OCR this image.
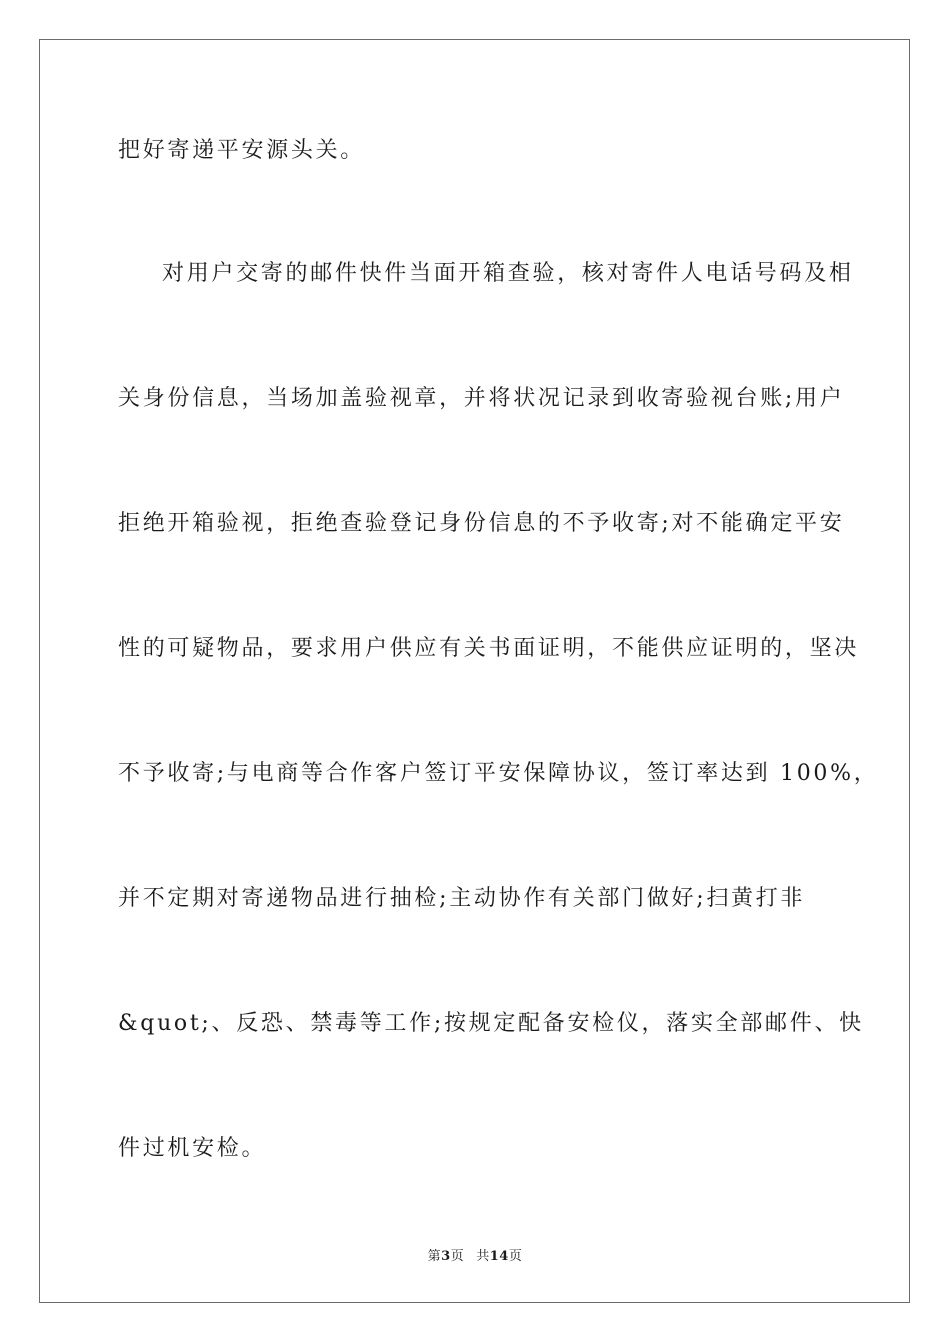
把好寄递平安源头关。
对用户交寄的邮件快件当面开箱查验，核对寄件人电话号码及相
关身份信息，当场加盖验视章，并将状况记录到收寄验视台账;用户
拒绝开箱验视，拒绝查验登记身份信息的不予收寄;对不能确定平安
性的可疑物品，要求用户供应有关书面证明，不能供应证明的，坚决
不予收寄;与电商等合作客户签订平安保障协议，签订率达到 100%，
并不定期对寄递物品进行抽检;主动协作有关部门做好;扫黄打非
&quot;、反恐、禁毒等工作;按规定配备安检仪，落实全部邮件、快
件过机安检。
第3页 共14页
